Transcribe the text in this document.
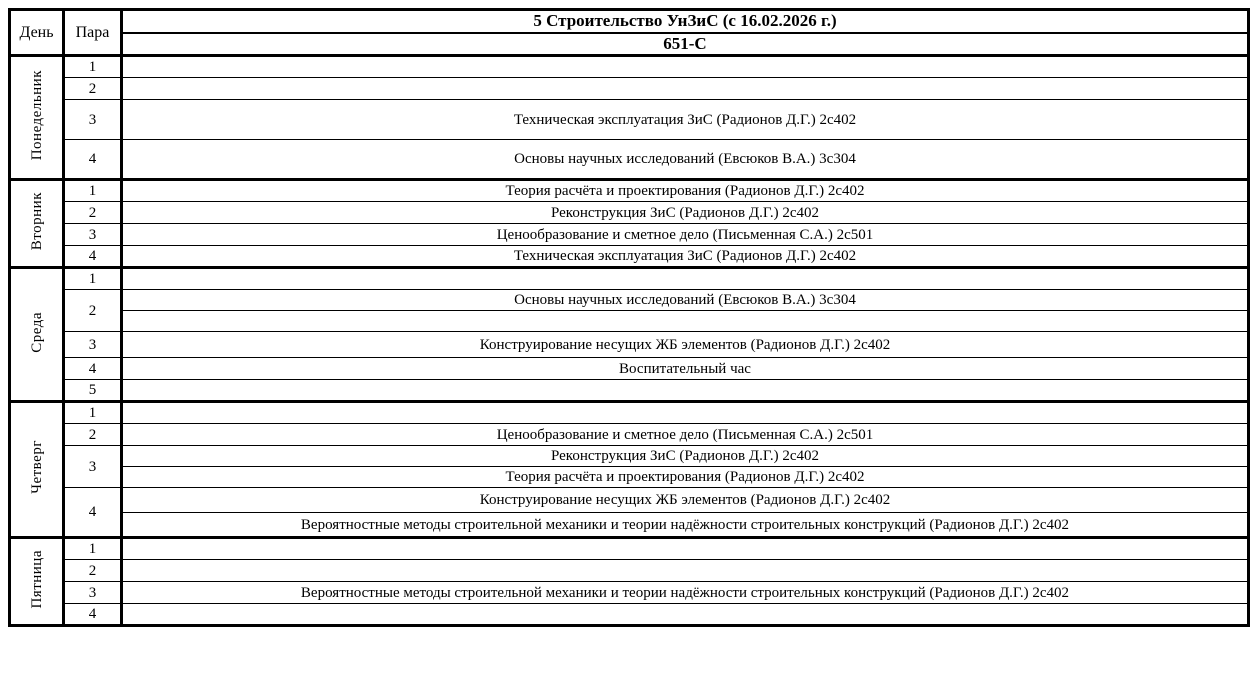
День	Пара	5 Строительство УнЗиС (с 16.02.2026 г.)
		651-С
Понедельник	1	
	2	
	3	Техническая эксплуатация ЗиС (Радионов Д.Г.) 2с402
	4	Основы научных исследований (Евсюков В.А.) 3с304
Вторник	1	Теория расчёта и проектирования (Радионов Д.Г.) 2с402
	2	Реконструкция ЗиС (Радионов Д.Г.) 2с402
	3	Ценообразование и сметное дело (Письменная С.А.) 2с501
	4	Техническая эксплуатация ЗиС (Радионов Д.Г.) 2с402
Среда	1	
	2	Основы научных исследований (Евсюков В.А.) 3с304

	3	Конструирование несущих ЖБ элементов (Радионов Д.Г.) 2с402
	4	Воспитательный час
	5	
Четверг	1	
	2	Ценообразование и сметное дело (Письменная С.А.) 2с501
	3	Реконструкция ЗиС (Радионов Д.Г.) 2с402
		Теория расчёта и проектирования (Радионов Д.Г.) 2с402
	4	Конструирование несущих ЖБ элементов (Радионов Д.Г.) 2с402
		Вероятностные методы строительной механики и теории надёжности строительных конструкций (Радионов Д.Г.) 2с402
Пятница	1	
	2	
	3	Вероятностные методы строительной механики и теории надёжности строительных конструкций (Радионов Д.Г.) 2с402
	4	
